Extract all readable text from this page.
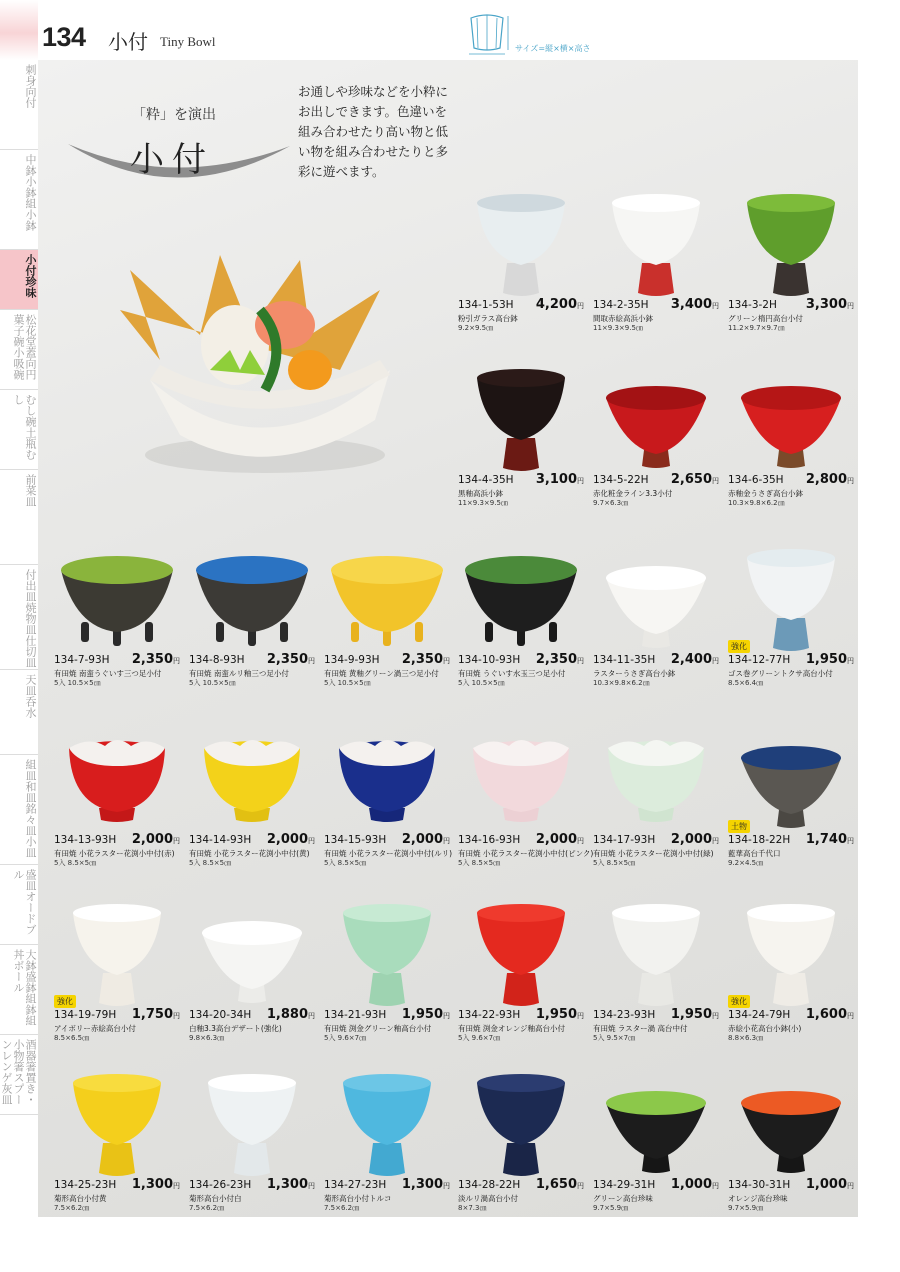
134 小付 Tiny Bowl	サイズ=縦×横×高さ
刺身向付
中鉢小鉢組小鉢
小付珍味
松花堂蓋向円菓子碗小吸碗
むし碗土瓶むし
前菜皿
付出皿焼物皿仕切皿
天皿呑水
組皿和皿銘々皿小皿
盛皿オードブル
大鉢盛鉢組鉢組丼ボール
酒器箸置き・小物箸スプーンレンゲ灰皿
「粋」を演出
小付
お通しや珍味などを小粋にお出しできます。色違いを組み合わせたり高い物と低い物を組み合わせたりと多彩に遊べます。
134-1-53H 4,200円
粉引ガラス高台鉢
9.2×9.5㎝
134-2-35H 3,400円
間取赤絵高浜小鉢
11×9.3×9.5㎝
134-3-2H 3,300円
グリーン楕円高台小付
11.2×9.7×9.7㎝
134-4-35H 3,100円
黒釉高浜小鉢
11×9.3×9.5㎝
134-5-22H 2,650円
赤化粧金ライン3.3小付
9.7×6.3㎝
134-6-35H 2,800円
赤釉金うさぎ高台小鉢
10.3×9.8×6.2㎝
134-7-93H 2,350円
有田焼 南蛮うぐいす三つ足小付
5入 10.5×5㎝
134-8-93H 2,350円
有田焼 南蛮ルリ釉三つ足小付
5入 10.5×5㎝
134-9-93H 2,350円
有田焼 黄釉グリーン渦三つ足小付
5入 10.5×5㎝
134-10-93H 2,350円
有田焼 うぐいす水玉三つ足小付
5入 10.5×5㎝
134-11-35H 2,400円
ラスターうさぎ高台小鉢
10.3×9.8×6.2㎝
134-12-77H 1,950円
ゴス巻グリーントクサ高台小付
8.5×6.4㎝
強化
134-13-93H 2,000円
有田焼 小花ラスター花渕小中付(赤)
5入 8.5×5㎝
134-14-93H 2,000円
有田焼 小花ラスター花渕小中付(黄)
5入 8.5×5㎝
134-15-93H 2,000円
有田焼 小花ラスター花渕小中付(ルリ)
5入 8.5×5㎝
134-16-93H 2,000円
有田焼 小花ラスター花渕小中付(ピンク)
5入 8.5×5㎝
134-17-93H 2,000円
有田焼 小花ラスター花渕小中付(緑)
5入 8.5×5㎝
134-18-22H 1,740円
藍華高台千代口
9.2×4.5㎝
土物
134-19-79H 1,750円
アイボリー赤絵高台小付
8.5×6.5㎝
強化
134-20-34H 1,880円
白釉3.3高台デザート(強化)
9.8×6.3㎝
134-21-93H 1,950円
有田焼 渕金グリーン釉高台小付
5入 9.6×7㎝
134-22-93H 1,950円
有田焼 渕金オレンジ釉高台小付
5入 9.6×7㎝
134-23-93H 1,950円
有田焼 ラスター渦 高台中付
5入 9.5×7㎝
134-24-79H 1,600円
赤絵小花高台小鉢(小)
8.8×6.3㎝
強化
134-25-23H 1,300円
菊形高台小付黄
7.5×6.2㎝
134-26-23H 1,300円
菊形高台小付白
7.5×6.2㎝
134-27-23H 1,300円
菊形高台小付トルコ
7.5×6.2㎝
134-28-22H 1,650円
淡ルリ渦高台小付
8×7.3㎝
134-29-31H 1,000円
グリーン高台珍味
9.7×5.9㎝
134-30-31H 1,000円
オレンジ高台珍味
9.7×5.9㎝
